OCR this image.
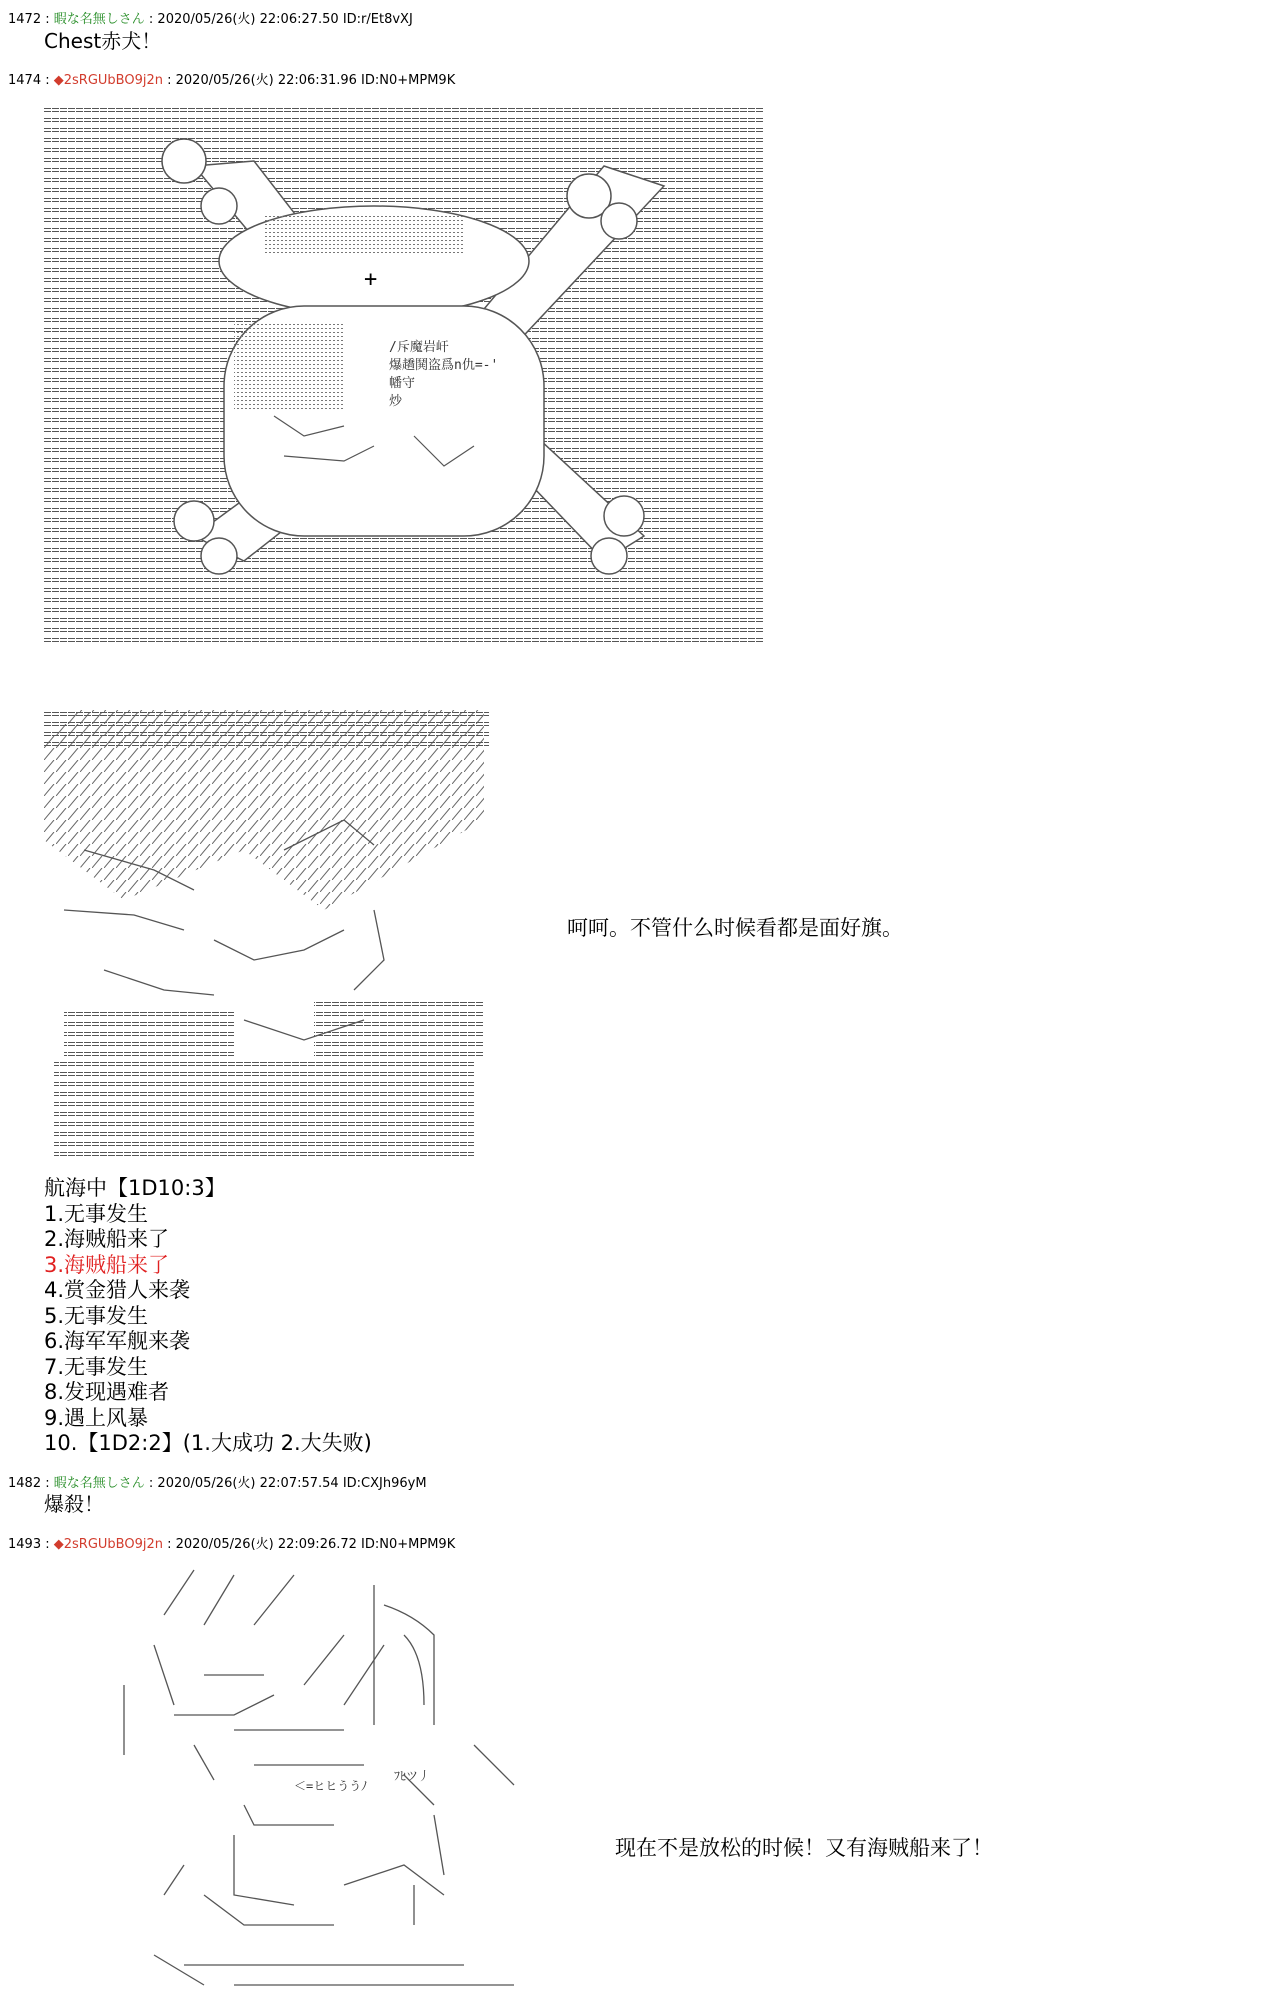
1472 : 暇な名無しさん : 2020/05/26(火) 22:06:27.50 ID:r/Et8vXJ
Chest赤犬！
1474 : ◆2sRGUbBO9j2n : 2020/05/26(火) 22:06:31.96 ID:N0+MPM9K
+
/斥魔岩屽
爆趫鬨盗爲n仇=-'
幡守
炒
呵呵。不管什么时候看都是面好旗。
航海中【1D10:3】
1.无事发生
2.海贼船来了
3.海贼船来了
4.赏金猎人来袭
5.无事发生
6.海军军舰来袭
7.无事发生
8.发现遇难者
9.遇上风暴
10.【1D2:2】(1.大成功 2.大失败)
1482 : 暇な名無しさん : 2020/05/26(火) 22:07:57.54 ID:CXJh96yM
爆殺！
1493 : ◆2sRGUbBO9j2n : 2020/05/26(火) 22:09:26.72 ID:N0+MPM9K
＜=ヒヒううﾉ
ﾌﾋツ丿
现在不是放松的时候！又有海贼船来了！
